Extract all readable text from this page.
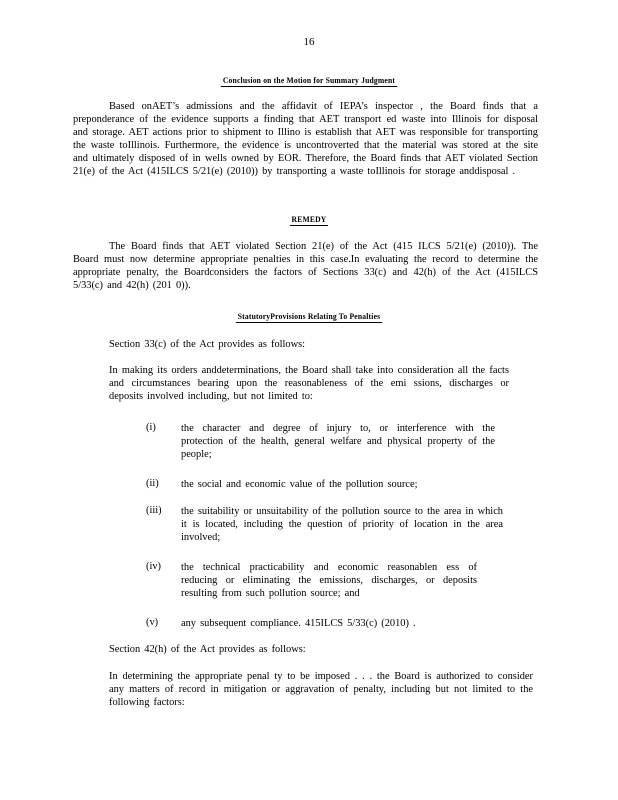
16
Conclusion on the Motion for Summary Judgment
Based onAET’s admissions and the affidavit of IEPA’s inspector , the Board finds that a preponderance of the evidence supports a finding that AET transport ed waste into Illinois for disposal and storage. AET actions prior to shipment to Illino is establish that AET was responsible for transporting the waste toIllinois. Furthermore, the evidence is uncontroverted that the material was stored at the site and ultimately disposed of in wells owned by EOR. Therefore, the Board finds that AET violated Section 21(e) of the Act (415ILCS 5/21(e) (2010)) by transporting a waste toIllinois for storage anddisposal .
REMEDY
The Board finds that AET violated Section 21(e) of the Act (415 ILCS 5/21(e) (2010)). The Board must now determine appropriate penalties in this case.In evaluating the record to determine the appropriate penalty, the Boardconsiders the factors of Sections 33(c) and 42(h) of the Act (415ILCS 5/33(c) and 42(h) (201 0)).
StatutoryProvisions Relating To Penalties
Section 33(c) of the Act provides as follows:
In making its orders anddeterminations, the Board shall take into consideration all the facts and circumstances bearing upon the reasonableness of the emi ssions, discharges or deposits involved including, but not limited to:
(i) the character and degree of injury to, or interference with the protection of the health, general welfare and physical property of the people;
(ii) the social and economic value of the pollution source;
(iii) the suitability or unsuitability of the pollution source to the area in which it is located, including the question of priority of location in the area involved;
(iv) the technical practicability and economic reasonablen ess of reducing or eliminating the emissions, discharges, or deposits resulting from such pollution source; and
(v) any subsequent compliance. 415ILCS 5/33(c) (2010) .
Section 42(h) of the Act provides as follows:
In determining the appropriate penal ty to be imposed . . . the Board is authorized to consider any matters of record in mitigation or aggravation of penalty, including but not limited to the following factors:
